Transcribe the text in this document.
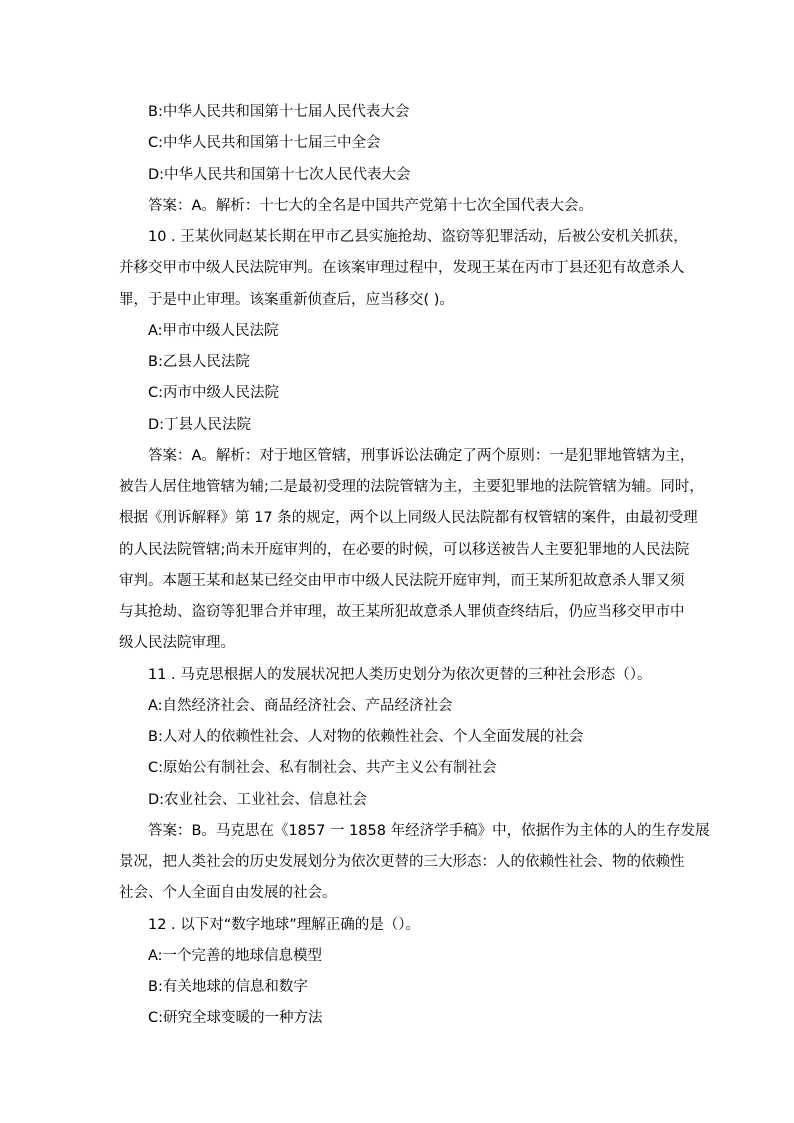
B:中华人民共和国第十七届人民代表大会
C:中华人民共和国第十七届三中全会
D:中华人民共和国第十七次人民代表大会
答案：A。解析：十七大的全名是中国共产党第十七次全国代表大会。
10 . 王某伙同赵某长期在甲市乙县实施抢劫、盗窃等犯罪活动，后被公安机关抓获，
并移交甲市中级人民法院审判。在该案审理过程中，发现王某在丙市丁县还犯有故意杀人
罪，于是中止审理。该案重新侦查后，应当移交( )。
A:甲市中级人民法院
B:乙县人民法院
C:丙市中级人民法院
D:丁县人民法院
答案：A。解析：对于地区管辖，刑事诉讼法确定了两个原则：一是犯罪地管辖为主，
被告人居住地管辖为辅;二是最初受理的法院管辖为主，主要犯罪地的法院管辖为辅。同时，
根据《刑诉解释》第 17 条的规定，两个以上同级人民法院都有权管辖的案件，由最初受理
的人民法院管辖;尚未开庭审判的，在必要的时候，可以移送被告人主要犯罪地的人民法院
审判。本题王某和赵某已经交由甲市中级人民法院开庭审判，而王某所犯故意杀人罪又须
与其抢劫、盗窃等犯罪合并审理，故王某所犯故意杀人罪侦查终结后，仍应当移交甲市中
级人民法院审理。
11 . 马克思根据人的发展状况把人类历史划分为依次更替的三种社会形态（）。
A:自然经济社会、商品经济社会、产品经济社会
B:人对人的依赖性社会、人对物的依赖性社会、个人全面发展的社会
C:原始公有制社会、私有制社会、共产主义公有制社会
D:农业社会、工业社会、信息社会
答案：B。马克思在《1857 一 1858 年经济学手稿》中，依据作为主体的人的生存发展
景况，把人类社会的历史发展划分为依次更替的三大形态：人的依赖性社会、物的依赖性
社会、个人全面自由发展的社会。
12 . 以下对“数字地球”理解正确的是（）。
A:一个完善的地球信息模型
B:有关地球的信息和数字
C:研究全球变暖的一种方法
